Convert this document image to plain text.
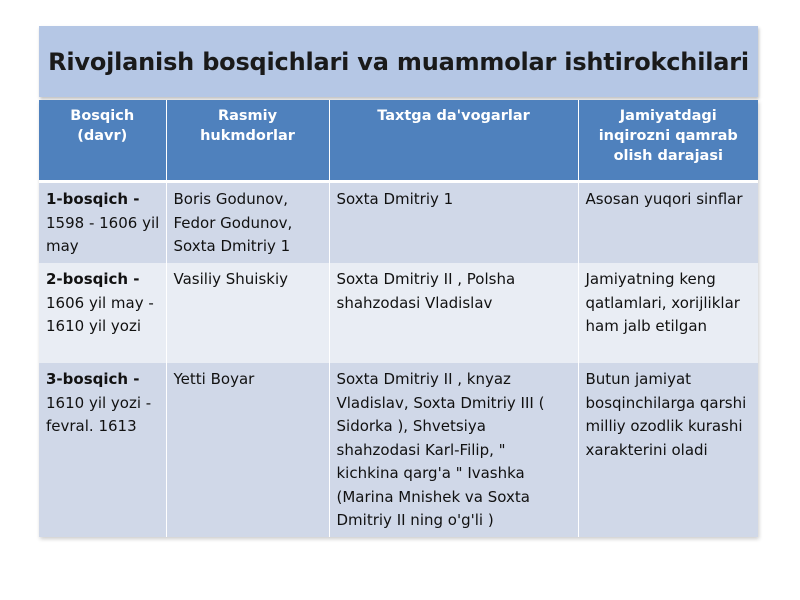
Rivojlanish bosqichlari va muammolar ishtirokchilari
Bosqich (davr)	Rasmiy hukmdorlar	Taxtga da'vogarlar	Jamiyatdagi inqirozni qamrab olish darajasi
1-bosqich - 1598 - 1606 yil may	Boris Godunov, Fedor Godunov, Soxta Dmitriy 1	Soxta Dmitriy 1	Asosan yuqori sinflar
2-bosqich - 1606 yil may - 1610 yil yozi	Vasiliy Shuiskiy	Soxta Dmitriy II , Polsha shahzodasi Vladislav	Jamiyatning keng qatlamlari, xorijliklar ham jalb etilgan
3-bosqich - 1610 yil yozi - fevral. 1613	Yetti Boyar	Soxta Dmitriy II , knyaz Vladislav, Soxta Dmitriy III ( Sidorka ), Shvetsiya shahzodasi Karl-Filip, " kichkina qarg'a " Ivashka (Marina Mnishek va Soxta Dmitriy II ning o'g'li )	Butun jamiyat bosqinchilarga qarshi milliy ozodlik kurashi xarakterini oladi
